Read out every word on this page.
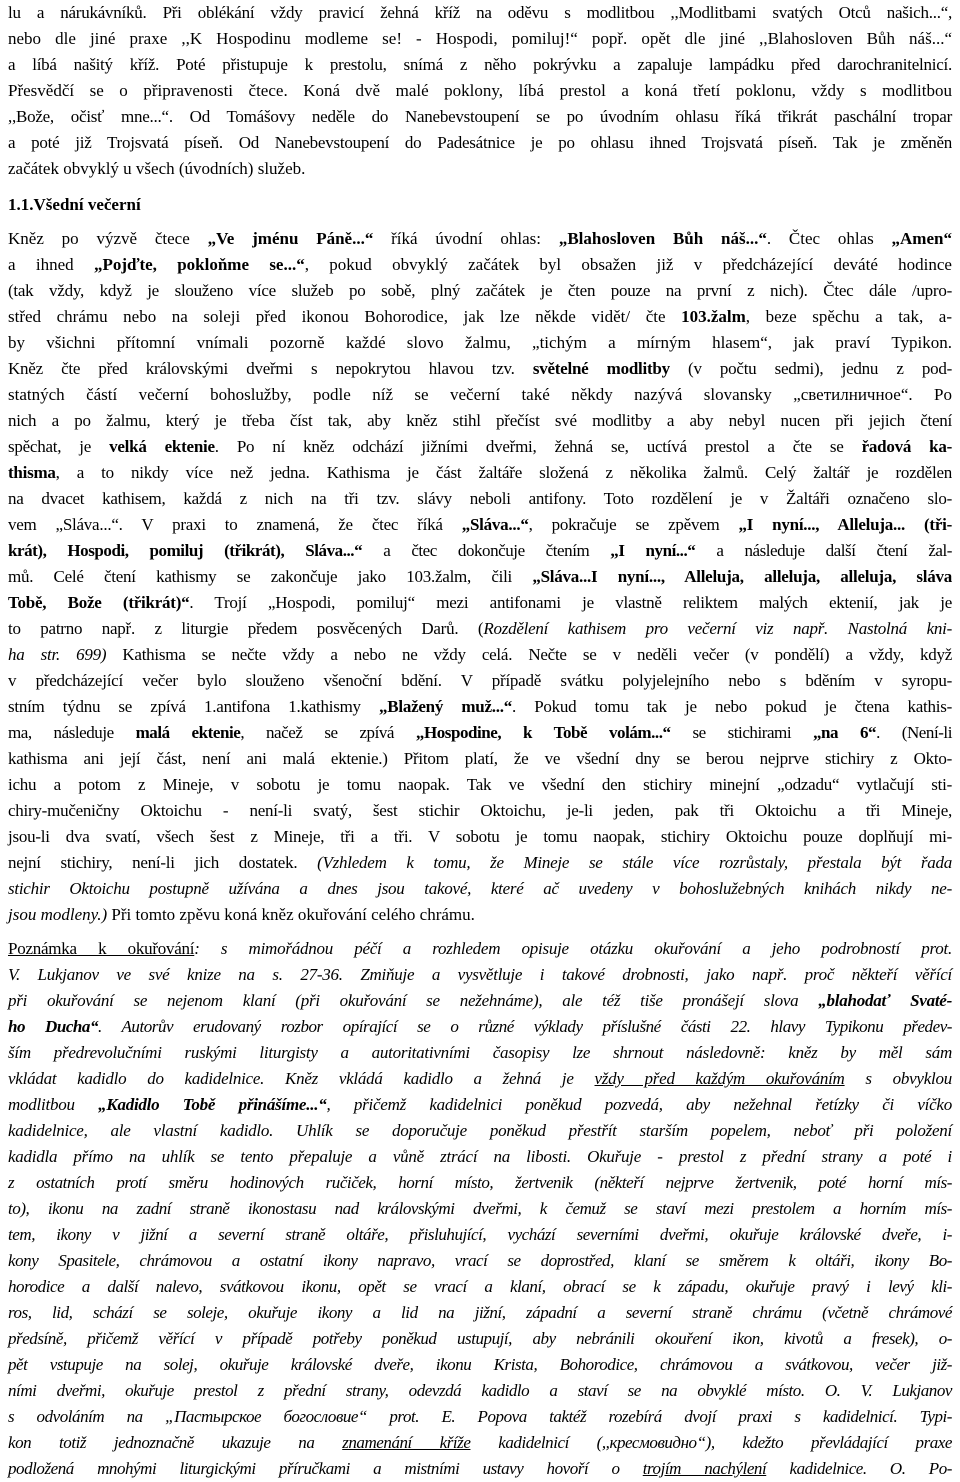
lu a nárukávníků. Při oblékání vždy pravicí žehná kříž na oděvu s modlitbou ,,Modlitbami svatých Otců našich...“,
nebo dle jiné praxe ,,K Hospodinu modleme se! - Hospodi, pomiluj!“ popř. opět dle jiné ,,Blahosloven Bůh náš...“
a líbá našitý kříž. Poté přistupuje k prestolu, snímá z něho pokrývku a zapaluje lampádku před darochranitelnicí.
Přesvědčí se o připravenosti čtece. Koná dvě malé poklony, líbá prestol a koná třetí poklonu, vždy s modlitbou
,,Bože, očisť mne...“. Od Tomášovy neděle do Nanebevstoupení se po úvodním ohlasu říká třikrát paschální tropar
a poté již Trojsvatá píseň. Od Nanebevstoupení do Padesátnice je po ohlasu ihned Trojsvatá píseň. Tak je změněn
začátek obvyklý u všech (úvodních) služeb.
1.1.Všední večerní
Kněz po výzvě čtece „Ve jménu Páně...“ říká úvodní ohlas: „Blahosloven Bůh náš...“. Čtec ohlas „Amen“
a ihned „Pojďte, pokloňme se...“, pokud obvyklý začátek byl obsažen již v předcházející deváté hodince
(tak vždy, když je slouženo více služeb po sobě, plný začátek je čten pouze na první z nich). Čtec dále /upro-
střed chrámu nebo na soleji před ikonou Bohorodice, jak lze někde vidět/ čte 103.žalm, beze spěchu a tak, a-
by všichni přítomní vnímali pozorně každé slovo žalmu, „tichým a mírným hlasem“, jak praví Typikon.
Kněz čte před královskými dveřmi s nepokrytou hlavou tzv. světelné modlitby (v počtu sedmi), jednu z pod-
statných částí večerní bohoslužby, podle níž se večerní také někdy nazývá slovansky „светилничное“. Po
nich a po žalmu, který je třeba číst tak, aby kněz stihl přečíst své modlitby a aby nebyl nucen při jejich čtení
spěchat, je velká ektenie. Po ní kněz odchází jižními dveřmi, žehná se, uctívá prestol a čte se řadová ka-
thisma, a to nikdy více než jedna. Kathisma je část žaltáře složená z několika žalmů. Celý žaltář je rozdělen
na dvacet kathisem, každá z nich na tři tzv. slávy neboli antifony. Toto rozdělení je v Žaltáři označeno slo-
vem „Sláva...“. V praxi to znamená, že čtec říká „Sláva...“, pokračuje se zpěvem „I nyní..., Alleluja... (tři-
krát), Hospodi, pomiluj (třikrát), Sláva...“ a čtec dokončuje čtením „I nyní...“ a následuje další čtení žal-
mů. Celé čtení kathismy se zakončuje jako 103.žalm, čili „Sláva...I nyní..., Alleluja, alleluja, alleluja, sláva
Tobě, Bože (třikrát)“. Trojí „Hospodi, pomiluj“ mezi antifonami je vlastně reliktem malých ektenií, jak je
to patrno např. z liturgie předem posvěcených Darů. (Rozdělení kathisem pro večerní viz např. Nastolná kni-
ha str. 699) Kathisma se nečte vždy a nebo ne vždy celá. Nečte se v neděli večer (v pondělí) a vždy, když
v předcházející večer bylo slouženo všenoční bdění. V případě svátku polyjelejního nebo s bděním v syropu-
stním týdnu se zpívá 1.antifona 1.kathismy „Blažený muž...“. Pokud tomu tak je nebo pokud je čtena kathis-
ma, následuje malá ektenie, načež se zpívá „Hospodine, k Tobě volám...“ se stichirami „na 6“. (Není-li
kathisma ani její část, není ani malá ektenie.) Přitom platí, že ve všední dny se berou nejprve stichiry z Okto-
ichu a potom z Mineje, v sobotu je tomu naopak. Tak ve všední den stichiry minejní „odzadu“ vytlačují sti-
chiry-mučeničny Oktoichu - není-li svatý, šest stichir Oktoichu, je-li jeden, pak tři Oktoichu a tři Mineje,
jsou-li dva svatí, všech šest z Mineje, tři a tři. V sobotu je tomu naopak, stichiry Oktoichu pouze doplňují mi-
nejní stichiry, není-li jich dostatek. (Vzhledem k tomu, že Mineje se stále více rozrůstaly, přestala být řada
stichir Oktoichu postupně užívána a dnes jsou takové, které ač uvedeny v bohoslužebných knihách nikdy ne-
jsou modleny.) Při tomto zpěvu koná kněz okuřování celého chrámu.
Poznámka k okuřování: s mimořádnou péčí a rozhledem opisuje otázku okuřování a jeho podrobností prot.
V. Lukjanov ve své knize na s. 27-36. Zmiňuje a vysvětluje i takové drobnosti, jako např. proč někteří věřící
při okuřování se nejenom klaní (při okuřování se nežehnáme), ale též tiše pronášejí slova „blahodať Svaté-
ho Ducha“. Autorův erudovaný rozbor opírající se o různé výklady příslušné části 22. hlavy Typikonu předev-
ším předrevolučními ruskými liturgisty a autoritativními časopisy lze shrnout následovně: kněz by měl sám
vkládat kadidlo do kadidelnice. Kněz vkládá kadidlo a žehná je vždy před každým okuřováním s obvyklou
modlitbou „Kadidlo Tobě přinášíme...“, přičemž kadidelnici poněkud pozvedá, aby nežehnal řetízky či víčko
kadidelnice, ale vlastní kadidlo. Uhlík se doporučuje poněkud přestřít starším popelem, neboť při položení
kadidla přímo na uhlík se tento přepaluje a vůně ztrácí na libosti. Okuřuje - prestol z přední strany a poté i
z ostatních protí směru hodinových ručiček, horní místo, žertvenik (někteří nejprve žertvenik, poté horní mís-
to), ikonu na zadní straně ikonostasu nad královskými dveřmi, k čemuž se staví mezi prestolem a horním mís-
tem, ikony v jižní a severní straně oltáře, přisluhující, vychází severními dveřmi, okuřuje královské dveře, i-
kony Spasitele, chrámovou a ostatní ikony napravo, vrací se doprostřed, klaní se směrem k oltáři, ikony Bo-
horodice a další nalevo, svátkovou ikonu, opět se vrací a klaní, obrací se k západu, okuřuje pravý i levý kli-
ros, lid, schází se soleje, okuřuje ikony a lid na jižní, západní a severní straně chrámu (včetně chrámové
předsíně, přičemž věřící v případě potřeby poněkud ustupují, aby nebránili okouření ikon, kivotů a fresek), o-
pět vstupuje na solej, okuřuje královské dveře, ikonu Krista, Bohorodice, chrámovou a svátkovou, večer již-
ními dveřmi, okuřuje prestol z přední strany, odevzdá kadidlo a staví se na obvyklé místo. O. V. Lukjanov
s odvoláním na „Пастырское богословие“ prot. E. Popova taktéž rozebírá dvojí praxi s kadidelnicí. Typi-
kon totiž jednoznačně ukazuje na znamenání kříže kadidelnicí (,,кресмовидно“), kdežto převládající praxe
podložená mnohými liturgickými příručkami a mistními ustavy hovoří o trojím nachýlení kadidelnice. O. Po-
